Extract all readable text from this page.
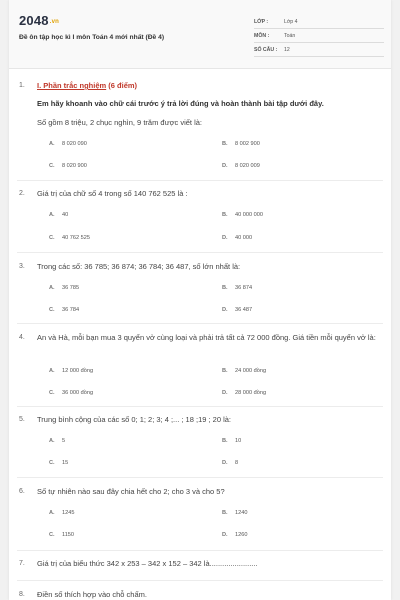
2048.vn
Đề ôn tập học kì I môn Toán 4 mới nhất (Đề 4)
LỚP :	Lớp 4
MÔN :	Toán
SỐ CÂU : 12
1. I. Phần trắc nghiệm (6 điểm)
Em hãy khoanh vào chữ cái trước ý trả lời đúng và hoàn thành bài tập dưới đây.
Số gồm 8 triệu, 2 chục nghìn, 9 trăm được viết là:
A. 8 020 090	B. 8 002 900
C. 8 020 900	D. 8 020 009
2. Giá trị của chữ số 4 trong số 140 762 525 là :
A. 40	B. 40 000 000
C. 40 762 525	D. 40 000
3. Trong các số: 36 785; 36 874; 36 784; 36 487, số lớn nhất là:
A. 36 785	B. 36 874
C. 36 784	D. 36 487
4. An và Hà, mỗi bạn mua 3 quyển vở cùng loại và phải trả tất cả 72 000 đồng. Giá tiền mỗi quyển vở là:
A. 12 000 đồng	B. 24 000 đồng
C. 36 000 đồng	D. 28 000 đồng
5. Trung bình cộng của các số 0; 1; 2; 3; 4 ;... ; 18 ;19 ; 20 là:
A. 5	B. 10
C. 15	D. 8
6. Số tự nhiên nào sau đây chia hết cho 2; cho 3 và cho 5?
A. 1245	B. 1240
C. 1150	D. 1260
7. Giá trị của biểu thức 342 x 253 – 342 x 152 – 342 là.......................
8. Điền số thích hợp vào chỗ chấm.
